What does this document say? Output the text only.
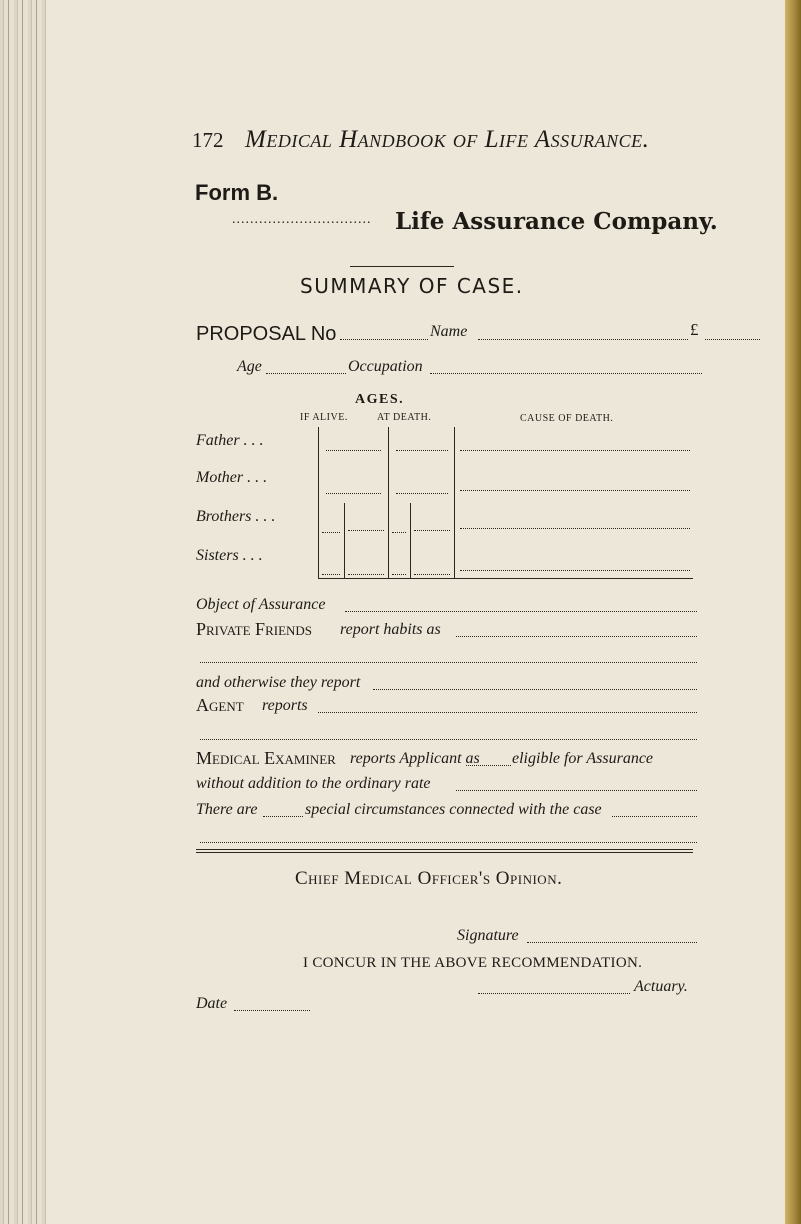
172 Medical Handbook of Life Assurance.
Form B.
............................... Life Assurance Company.
SUMMARY OF CASE.
PROPOSAL No	Name	£
Age	Occupation
AGES.
IF ALIVE.	AT DEATH.	CAUSE OF DEATH.
Father . . .
Mother . . .
Brothers . . .
Sisters . . .
Object of Assurance
Private Friends report habits as
and otherwise they report
Agent reports
Medical Examiner reports Applicant as eligible for Assurance
without addition to the ordinary rate
There are	special circumstances connected with the case
Chief Medical Officer's Opinion.
Signature
I CONCUR IN THE ABOVE RECOMMENDATION.
Actuary.
Date
